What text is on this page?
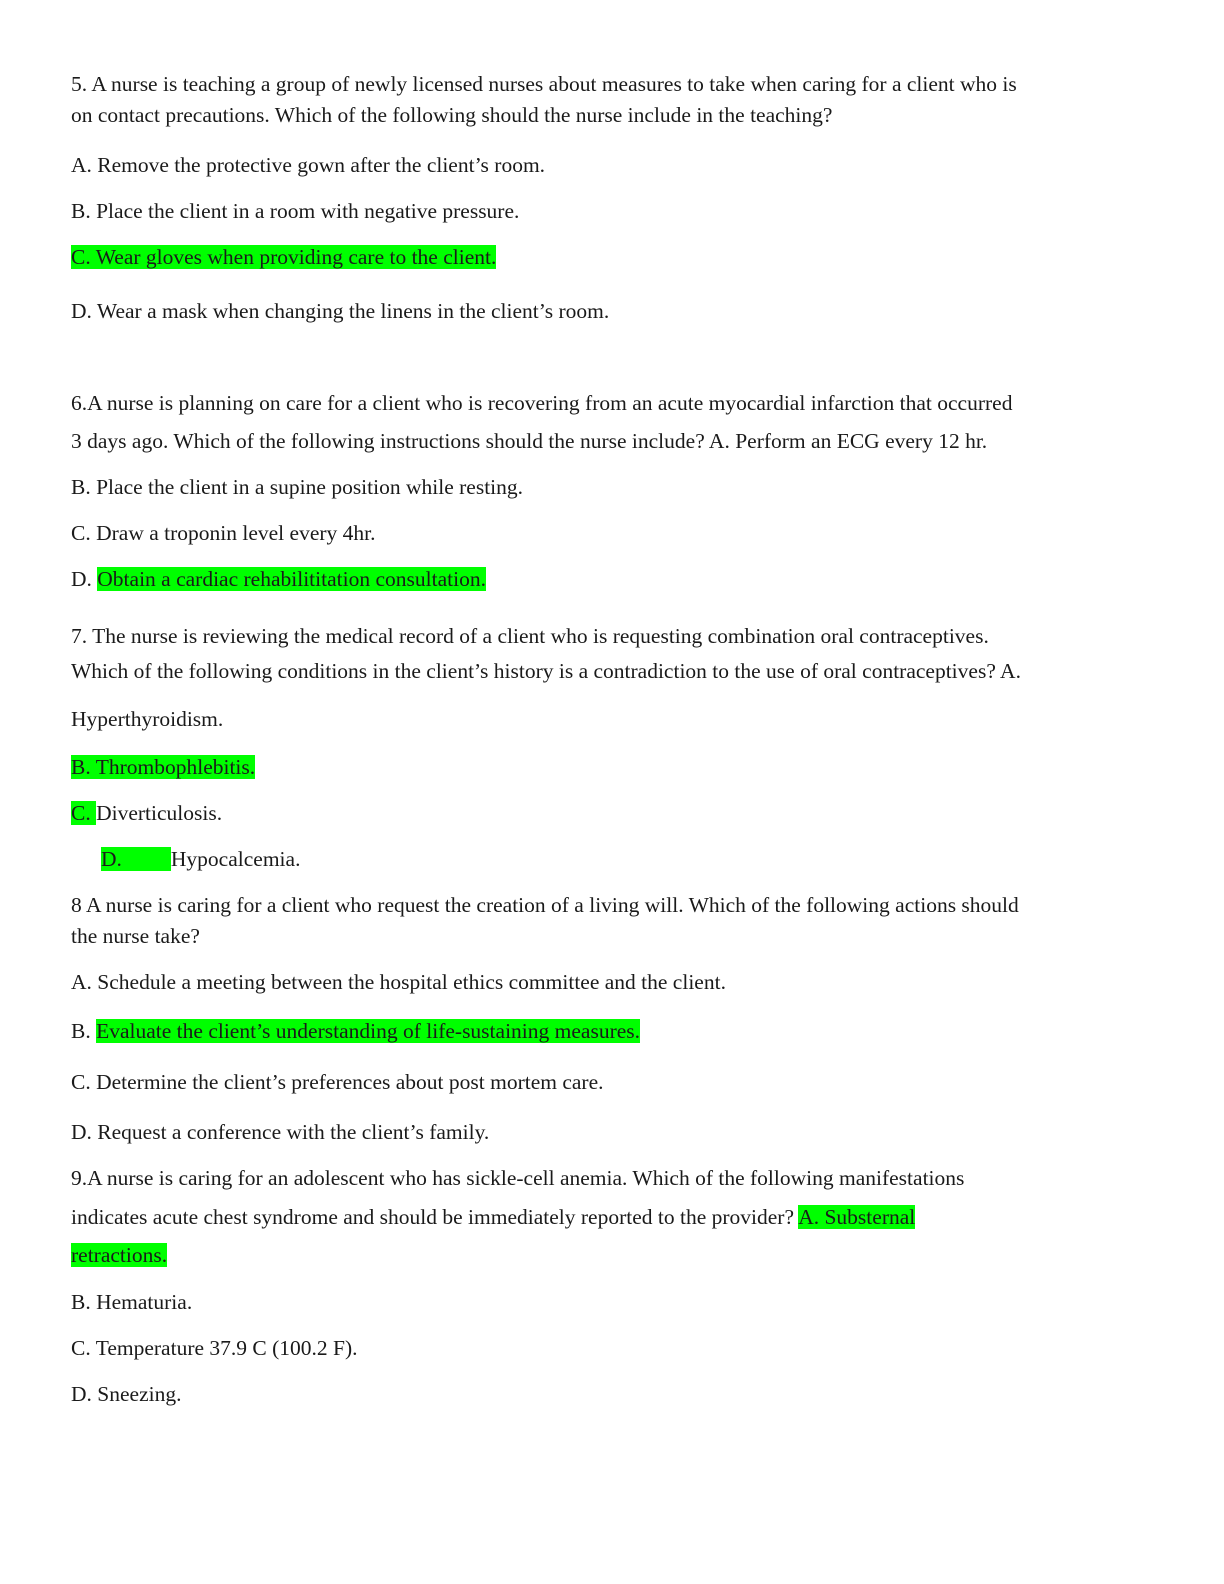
5. A nurse is teaching a group of newly licensed nurses about measures to take when caring for a client who is
on contact precautions. Which of the following should the nurse include in the teaching?
A. Remove the protective gown after the client’s room.
B. Place the client in a room with negative pressure.
C. Wear gloves when providing care to the client.
D. Wear a mask when changing the linens in the client’s room.
6.A nurse is planning on care for a client who is recovering from an acute myocardial infarction that occurred
3 days ago. Which of the following instructions should the nurse include? A. Perform an ECG every 12 hr.
B. Place the client in a supine position while resting.
C. Draw a troponin level every 4hr.
D. Obtain a cardiac rehabilititation consultation.
7. The nurse is reviewing the medical record of a client who is requesting combination oral contraceptives.
Which of the following conditions in the client’s history is a contradiction to the use of oral contraceptives? A.
Hyperthyroidism.
B. Thrombophlebitis.
C. Diverticulosis.
D. Hypocalcemia.
8 A nurse is caring for a client who request the creation of a living will. Which of the following actions should
the nurse take?
A. Schedule a meeting between the hospital ethics committee and the client.
B. Evaluate the client’s understanding of life-sustaining measures.
C. Determine the client’s preferences about post mortem care.
D. Request a conference with the client’s family.
9.A nurse is caring for an adolescent who has sickle-cell anemia. Which of the following manifestations
indicates acute chest syndrome and should be immediately reported to the provider? A. Substernal
retractions.
B. Hematuria.
C. Temperature 37.9 C (100.2 F).
D. Sneezing.
